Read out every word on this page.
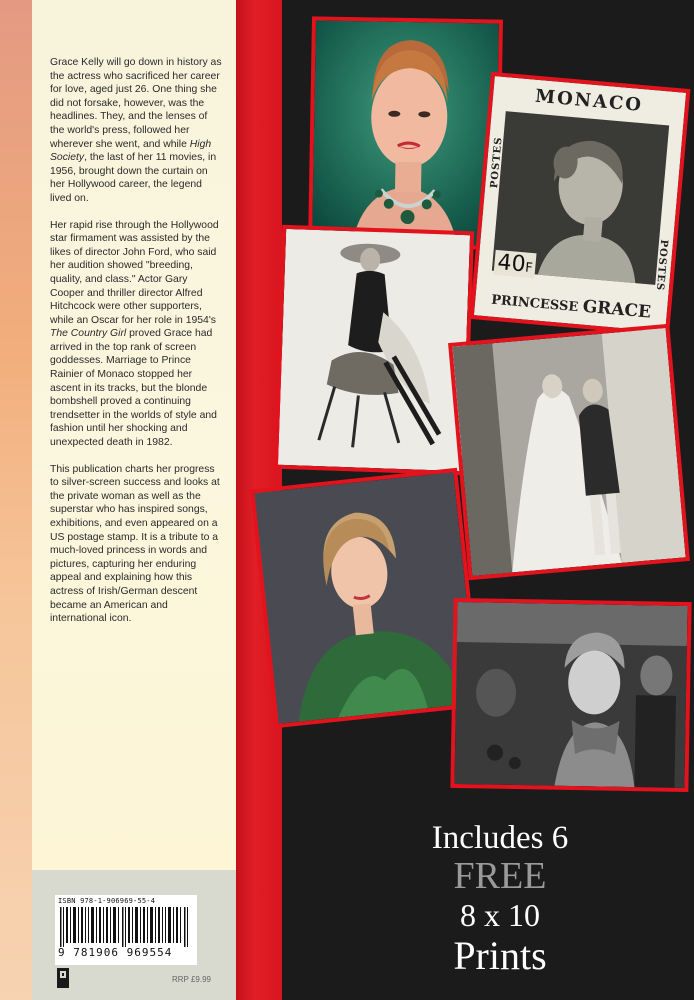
Grace Kelly will go down in history as the actress who sacrificed her career for love, aged just 26. One thing she did not forsake, however, was the headlines. They, and the lenses of the world's press, followed her wherever she went, and while High Society, the last of her 11 movies, in 1956, brought down the curtain on her Hollywood career, the legend lived on.

Her rapid rise through the Hollywood star firmament was assisted by the likes of director John Ford, who said her audition showed "breeding, quality, and class." Actor Gary Cooper and thriller director Alfred Hitchcock were other supporters, while an Oscar for her role in 1954's The Country Girl proved Grace had arrived in the top rank of screen goddesses. Marriage to Prince Rainier of Monaco stopped her ascent in its tracks, but the blonde bombshell proved a continuing trendsetter in the worlds of style and fashion until her shocking and unexpected death in 1982.

This publication charts her progress to silver-screen success and looks at the private woman as well as the superstar who has inspired songs, exhibitions, and even appeared on a US postage stamp. It is a tribute to a much-loved princess in words and pictures, capturing her enduring appeal and explaining how this actress of Irish/German descent became an American and international icon.

ISBN 978-1-906969-55-4
9 781906 969554
RRP £9.99
MONACO
POSTES
POSTES
40F
PRINCESSE GRACE
Includes 6
FREE
8 x 10
Prints
